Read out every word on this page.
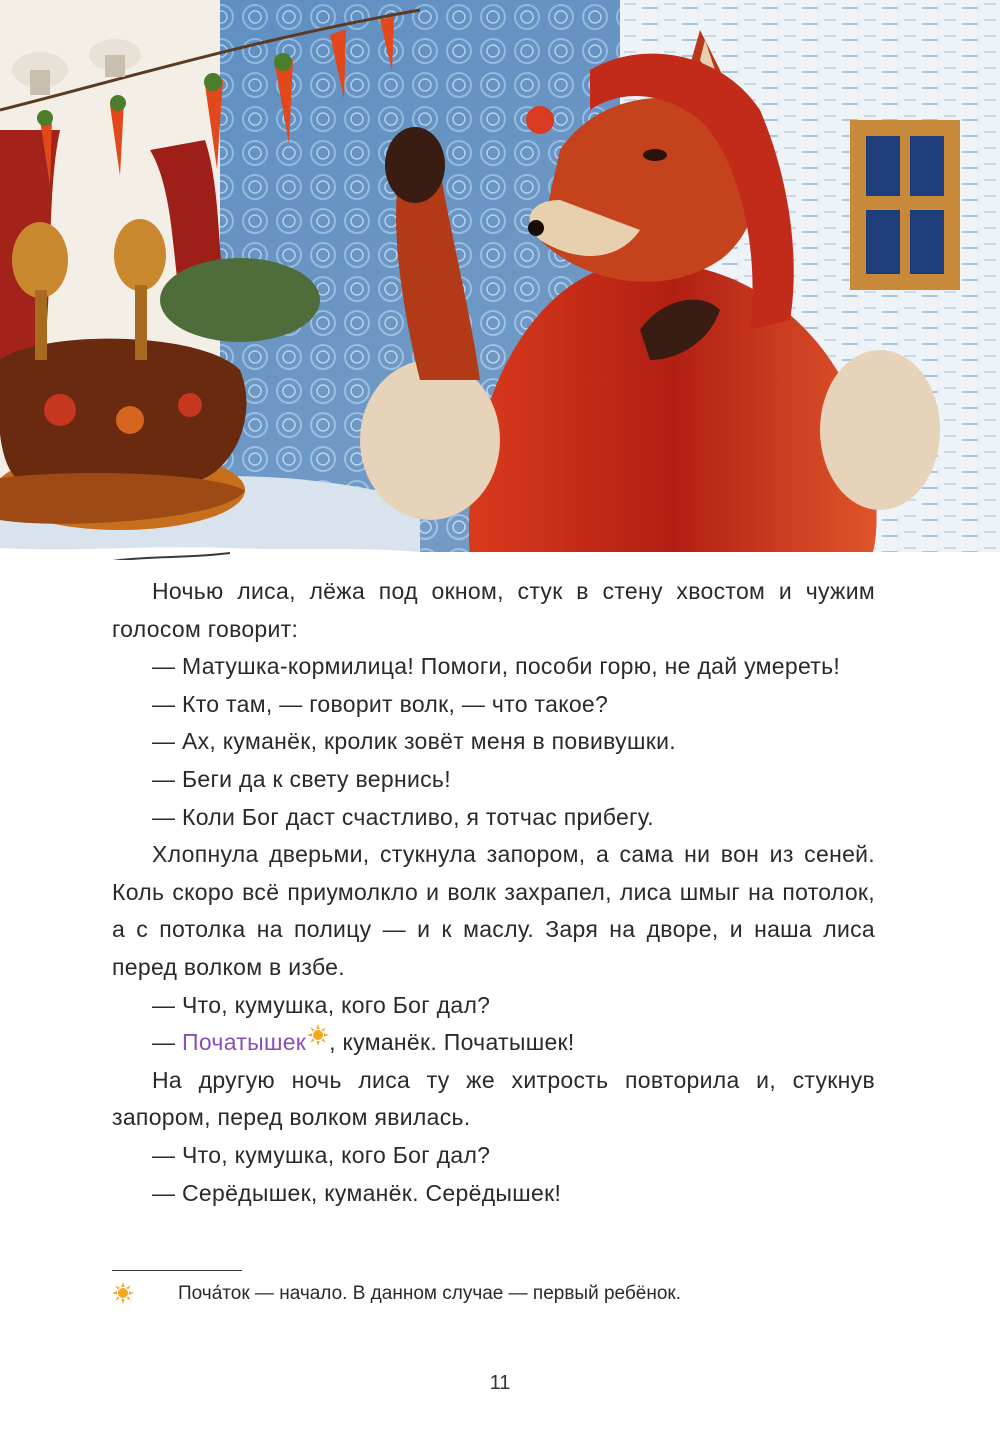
Ночью лиса, лёжа под окном, стук в стену хвостом и чужим голосом говорит:

— Матушка-кормилица! Помоги, пособи горю, не дай умереть!

— Кто там, — говорит волк, — что такое?

— Ах, куманёк, кролик зовёт меня в повивушки.

— Беги да к свету вернись!

— Коли Бог даст счастливо, я тотчас прибегу.

Хлопнула дверьми, стукнула запором, а сама ни вон из сеней. Коль скоро всё приумолкло и волк захрапел, лиса шмыг на потолок, а с потолка на полицу — и к маслу. Заря на дворе, и наша лиса перед волком в избе.

— Что, кумушка, кого Бог дал?

— Початышек , куманёк. Початышек!

На другую ночь лиса ту же хитрость повторила и, стукнув запором, перед волком явилась.

— Что, кумушка, кого Бог дал?

— Серёдышек, куманёк. Серёдышек!

Поча́ток — начало. В данном случае — первый ребёнок.
11
